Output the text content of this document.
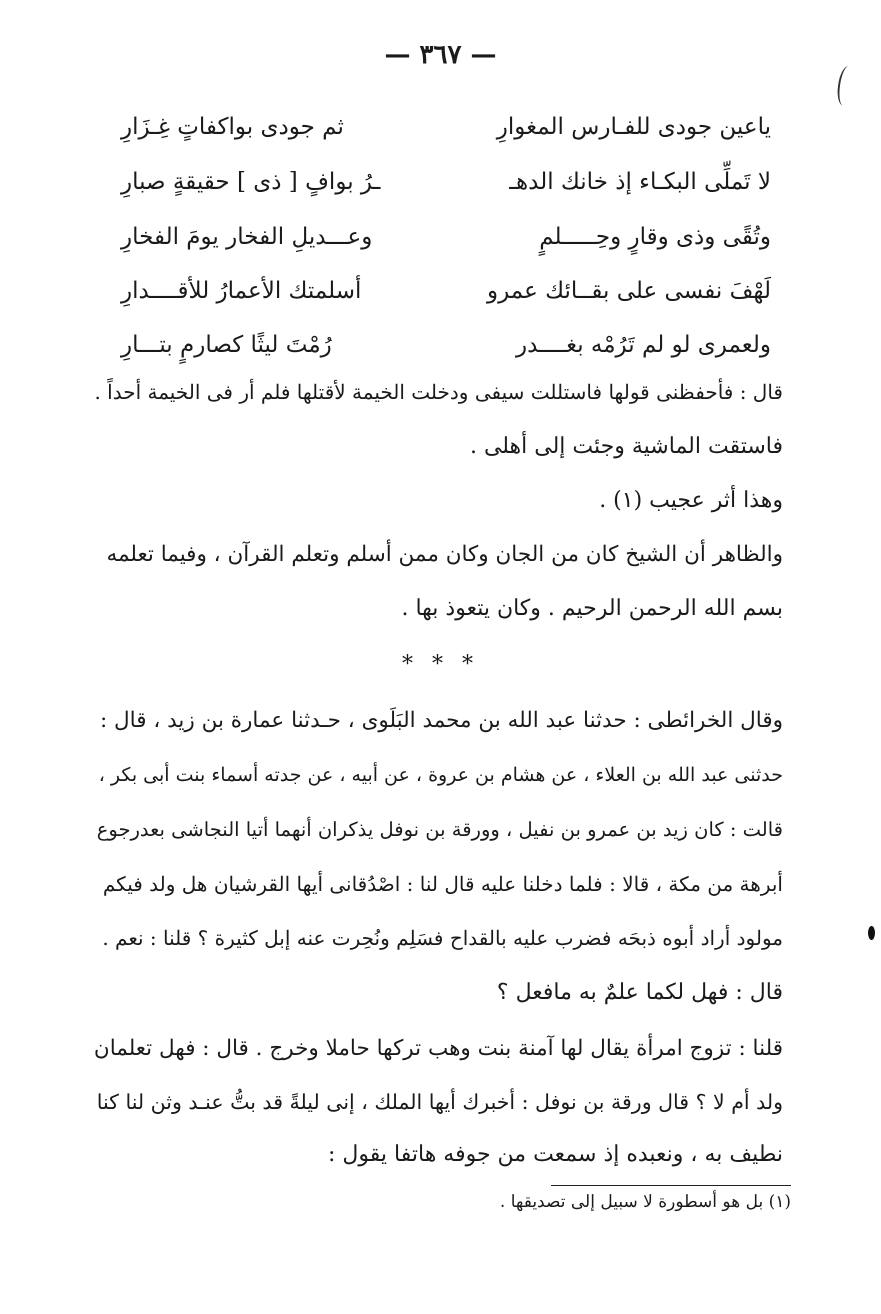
— ٣٦٧ —
ياعين جودى للفـارس المغوارِ
ثم جودى بواكفاتٍ غِـزَارِ
لا تَملِّى البكـاء إذ خانك الدهـ
ـرُ بوافٍ [ ذى ] حقيقةٍ صبارِ
وتُقًى وذى وقارٍ وحِـــــلمٍ
وعـــديلِ الفخار يومَ الفخارِ
لَهْفَ نفسى على بقــائك عمرو
أسلمتك الأعمارُ للأقــــدارِ
ولعمرى لو لم تَرُمْه بغــــدر
رُمْتَ ليثًا كصارمٍ بتـــارِ
قال : فأحفظنى قولها فاستللت سيفى ودخلت الخيمة لأقتلها فلم أر فى الخيمة أحداً .
فاستقت الماشية وجئت إلى أهلى .
وهذا أثر عجيب (١) .
والظاهر أن الشيخ كان من الجان وكان ممن أسلم وتعلم القرآن ، وفيما تعلمه
بسم الله الرحمن الرحيم . وكان يتعوذ بها .
* * *
وقال الخرائطى : حدثنا عبد الله بن محمد البَلَوى ، حـدثنا عمارة بن زيد ، قال :
حدثنى عبد الله بن العلاء ، عن هشام بن عروة ، عن أبيه ، عن جدته أسماء بنت أبى بكر ،
قالت : كان زيد بن عمرو بن نفيل ، وورقة بن نوفل يذكران أنهما أتيا النجاشى بعدرجوع
أبرهة من مكة ، قالا : فلما دخلنا عليه قال لنا : اصْدُقانى أيها القرشيان هل ولد فيكم
مولود أراد أبوه ذبحَه فضرب عليه بالقداح فسَلِم ونُحِرت عنه إبل كثيرة ؟ قلنا : نعم .
قال : فهل لكما علمٌ به مافعل ؟
قلنا : تزوج امرأة يقال لها آمنة بنت وهب تركها حاملا وخرج . قال : فهل تعلمان
ولد أم لا ؟ قال ورقة بن نوفل : أخبرك أيها الملك ، إنى ليلةً قد بتُّ عنـد وثن لنا كنا
نطيف به ، ونعبده إذ سمعت من جوفه هاتفا يقول :
(١) بل هو أسطورة لا سبيل إلى تصديقها .
